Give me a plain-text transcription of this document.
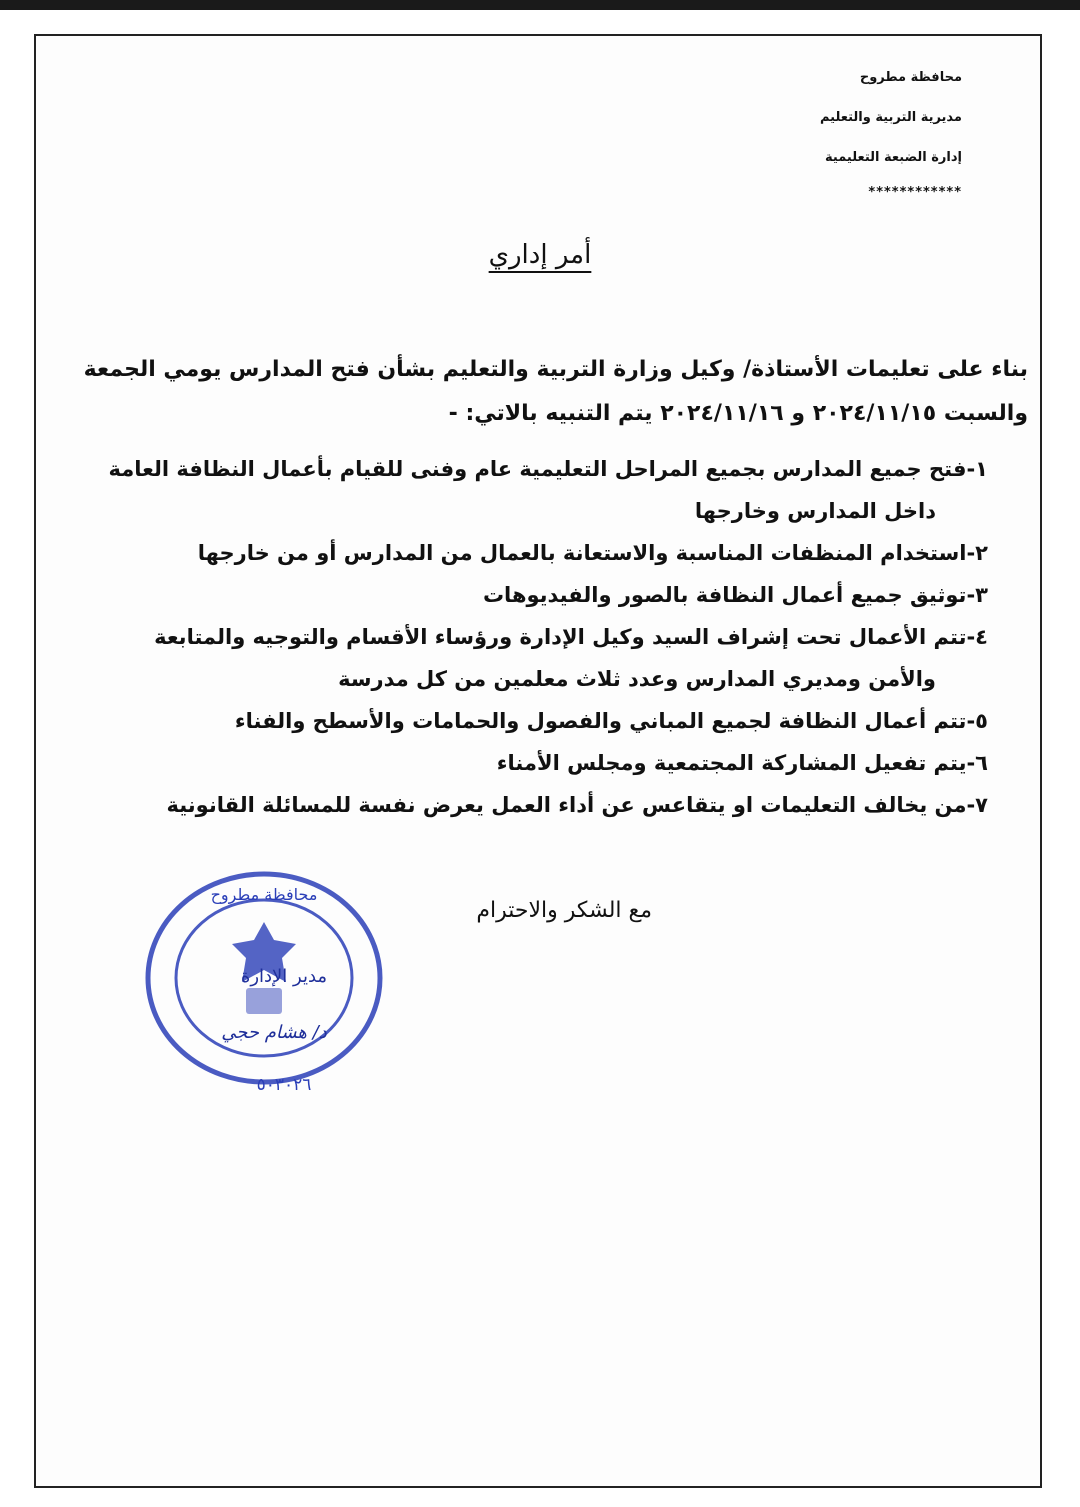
محافظة مطروح
مديرية التربية والتعليم
إدارة الضبعة التعليمية
************
أمر إداري
بناء على تعليمات الأستاذة/ وكيل وزارة التربية والتعليم بشأن فتح المدارس يومي الجمعة
والسبت ٢٠٢٤/١١/١٥ و ٢٠٢٤/١١/١٦ يتم التنبيه بالاتي: -
١-فتح جميع المدارس بجميع المراحل التعليمية عام وفنى للقيام بأعمال النظافة العامة
داخل المدارس وخارجها
٢-استخدام المنظفات المناسبة والاستعانة بالعمال من المدارس أو من خارجها
٣-توثيق جميع أعمال النظافة بالصور والفيديوهات
٤-تتم الأعمال تحت إشراف السيد وكيل الإدارة ورؤساء الأقسام والتوجيه والمتابعة
والأمن ومديري المدارس وعدد ثلاث معلمين من كل مدرسة
٥-تتم أعمال النظافة لجميع المباني والفصول والحمامات والأسطح والفناء
٦-يتم تفعيل المشاركة المجتمعية ومجلس الأمناء
٧-من يخالف التعليمات او يتقاعس عن أداء العمل يعرض نفسة للمسائلة القانونية
مع الشكر والاحترام
محافظة مطروح
مدير الإدارة
د/ هشام حجي
٥٠٣٠٢٦
